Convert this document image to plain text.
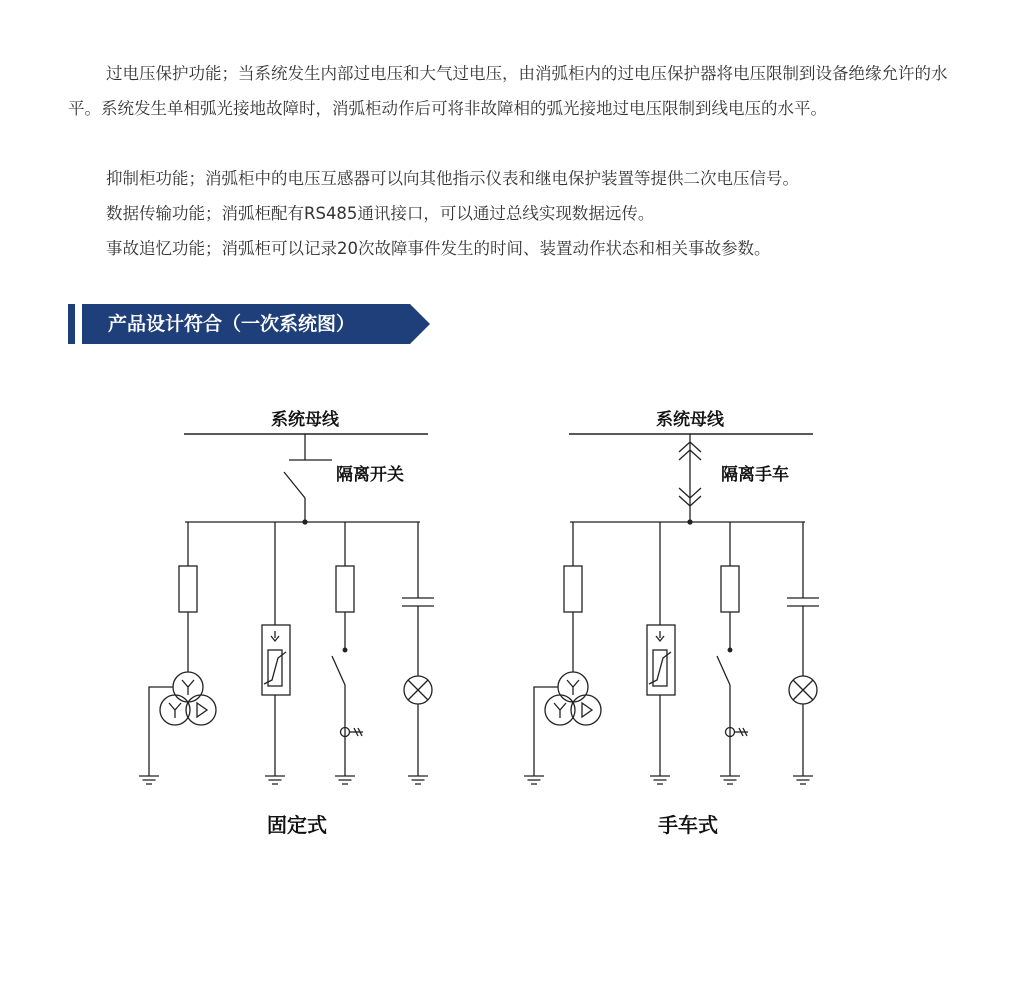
过电压保护功能；当系统发生内部过电压和大气过电压，由消弧柜内的过电压保护器将电压限制到设备绝缘允许的水平。系统发生单相弧光接地故障时，消弧柜动作后可将非故障相的弧光接地过电压限制到线电压的水平。

抑制柜功能；消弧柜中的电压互感器可以向其他指示仪表和继电保护装置等提供二次电压信号。

数据传输功能；消弧柜配有RS485通讯接口，可以通过总线实现数据远传。

事故追忆功能；消弧柜可以记录20次故障事件发生的时间、装置动作状态和相关事故参数。

产品设计符合（一次系统图）
系统母线
隔离开关
固定式
系统母线
隔离手车
手车式
